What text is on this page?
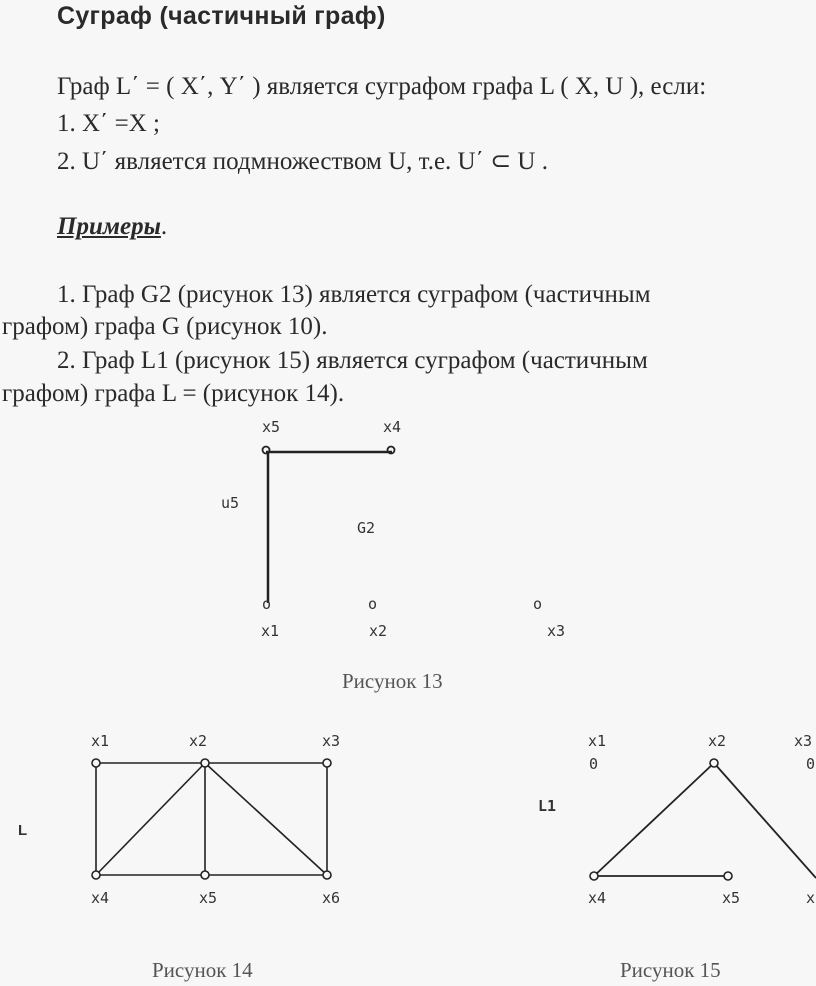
Суграф (частичный граф)
Граф L΄ = ( X΄, Y΄ ) является суграфом графа L ( X, U ), если:
1. X΄ =X ;
2. U΄ является подмножеством U, т.е. U΄ ⊂ U .
Примеры.
1. Граф G2 (рисунок 13) является суграфом (частичным
графом) графа G (рисунок 10).
2. Граф L1 (рисунок 15) является суграфом (частичным
графом) графа L = (рисунок 14).
x5	x4
u5
G2
o	o	o
x1	x2	x3
Рисунок 13
x1	x2	x3
x4	x5	x6
L
Рисунок 14
x1
0
x2	x3
0
L1
x4	x5	x
Рисунок 15
